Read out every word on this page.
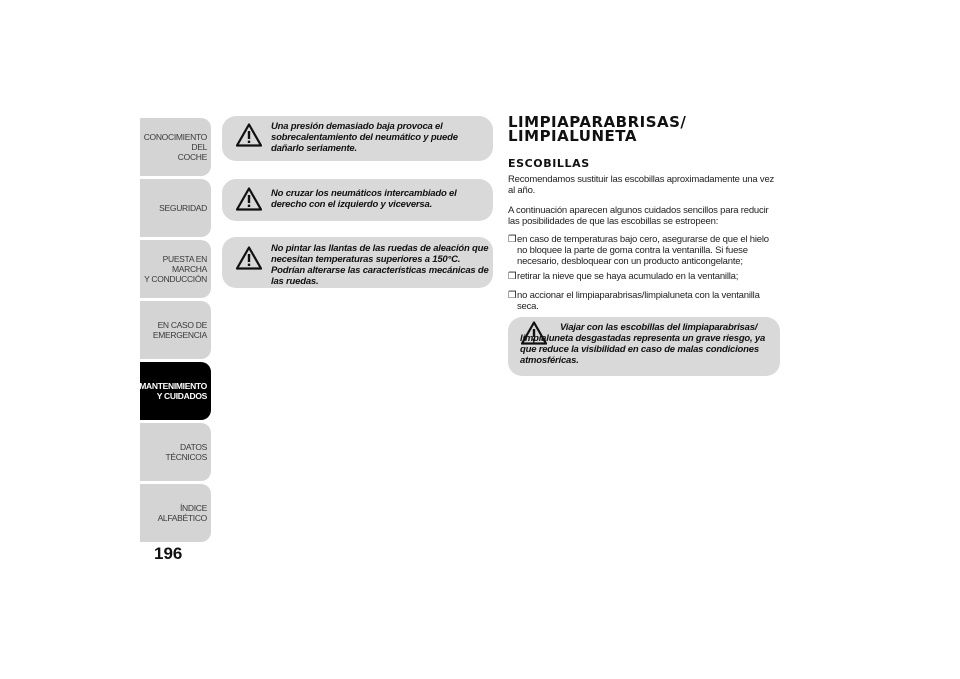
CONOCIMIENTO DEL
COCHE
SEGURIDAD
PUESTA EN MARCHA
Y CONDUCCIÓN
EN CASO DE
EMERGENCIA
MANTENIMIENTO
Y CUIDADOS
DATOS TÉCNICOS
ÍNDICE ALFABÉTICO
196
Una presión demasiado baja provoca el sobrecalentamiento del neumático y puede dañarlo seriamente.
No cruzar los neumáticos intercambiado el derecho con el izquierdo y viceversa.
No pintar las llantas de las ruedas de aleación que necesitan temperaturas superiores a 150°C. Podrían alterarse las características mecánicas de las ruedas.
LIMPIAPARABRISAS/
LIMPIALUNETA
ESCOBILLAS
Recomendamos sustituir las escobillas aproximadamente una vez al año.
A continuación aparecen algunos cuidados sencillos para reducir las posibilidades de que las escobillas se estropeen:
❒ en caso de temperaturas bajo cero, asegurarse de que el hielo no bloquee la parte de goma contra la ventanilla. Si fuese necesario, desbloquear con un producto anticongelante;
❒ retirar la nieve que se haya acumulado en la ventanilla;
❒ no accionar el limpiaparabrisas/limpialuneta con la ventanilla seca.
Viajar con las escobillas del limpiaparabrisas/ limpialuneta desgastadas representa un grave riesgo, ya que reduce la visibilidad en caso de malas condiciones atmosféricas.
